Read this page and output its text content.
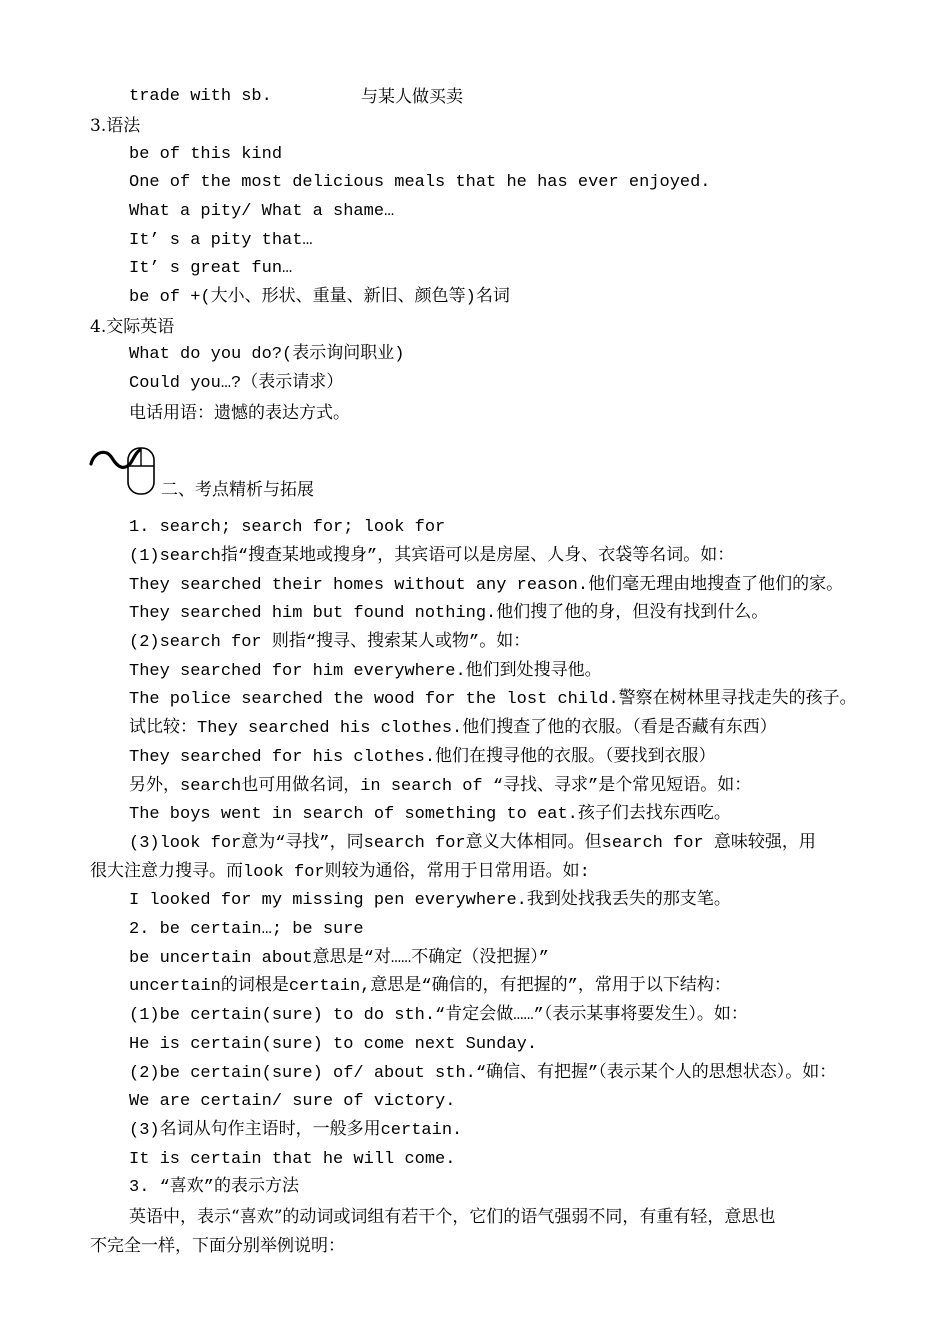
trade with sb.	与某人做买卖
3.语法
be of this kind
One of the most delicious meals that he has ever enjoyed.
What a pity/ What a shame…
It’ s a pity that…
It’ s great fun…
be of +(大小、形状、重量、新旧、颜色等)名词
4.交际英语
What do you do?(表示询问职业)
Could you…?（表示请求）
电话用语：遗憾的表达方式。
二、考点精析与拓展
1. search; search for; look for
(1)search指“搜查某地或搜身”，其宾语可以是房屋、人身、衣袋等名词。如：
They searched their homes without any reason.他们毫无理由地搜查了他们的家。
They searched him but found nothing.他们搜了他的身，但没有找到什么。
(2)search for 则指“搜寻、搜索某人或物”。如：
They searched for him everywhere.他们到处搜寻他。
The police searched the wood for the lost child.警察在树林里寻找走失的孩子。
试比较：They searched his clothes.他们搜查了他的衣服。（看是否藏有东西）
They searched for his clothes.他们在搜寻他的衣服。（要找到衣服）
另外，search也可用做名词，in search of “寻找、寻求”是个常见短语。如：
The boys went in search of something to eat.孩子们去找东西吃。
(3)look for意为“寻找”，同search for意义大体相同。但search for 意味较强，用
很大注意力搜寻。而look for则较为通俗，常用于日常用语。如:
I looked for my missing pen everywhere.我到处找我丢失的那支笔。
2. be certain…; be sure
be uncertain about意思是“对……不确定（没把握）”
uncertain的词根是certain,意思是“确信的，有把握的”，常用于以下结构：
(1)be certain(sure) to do sth.“肯定会做……”（表示某事将要发生）。如：
He is certain(sure) to come next Sunday.
(2)be certain(sure) of/ about sth.“确信、有把握”（表示某个人的思想状态）。如：
We are certain/ sure of victory.
(3)名词从句作主语时，一般多用certain.
It is certain that he will come.
3. “喜欢”的表示方法
英语中，表示“喜欢”的动词或词组有若干个，它们的语气强弱不同，有重有轻，意思也
不完全一样，下面分别举例说明：
